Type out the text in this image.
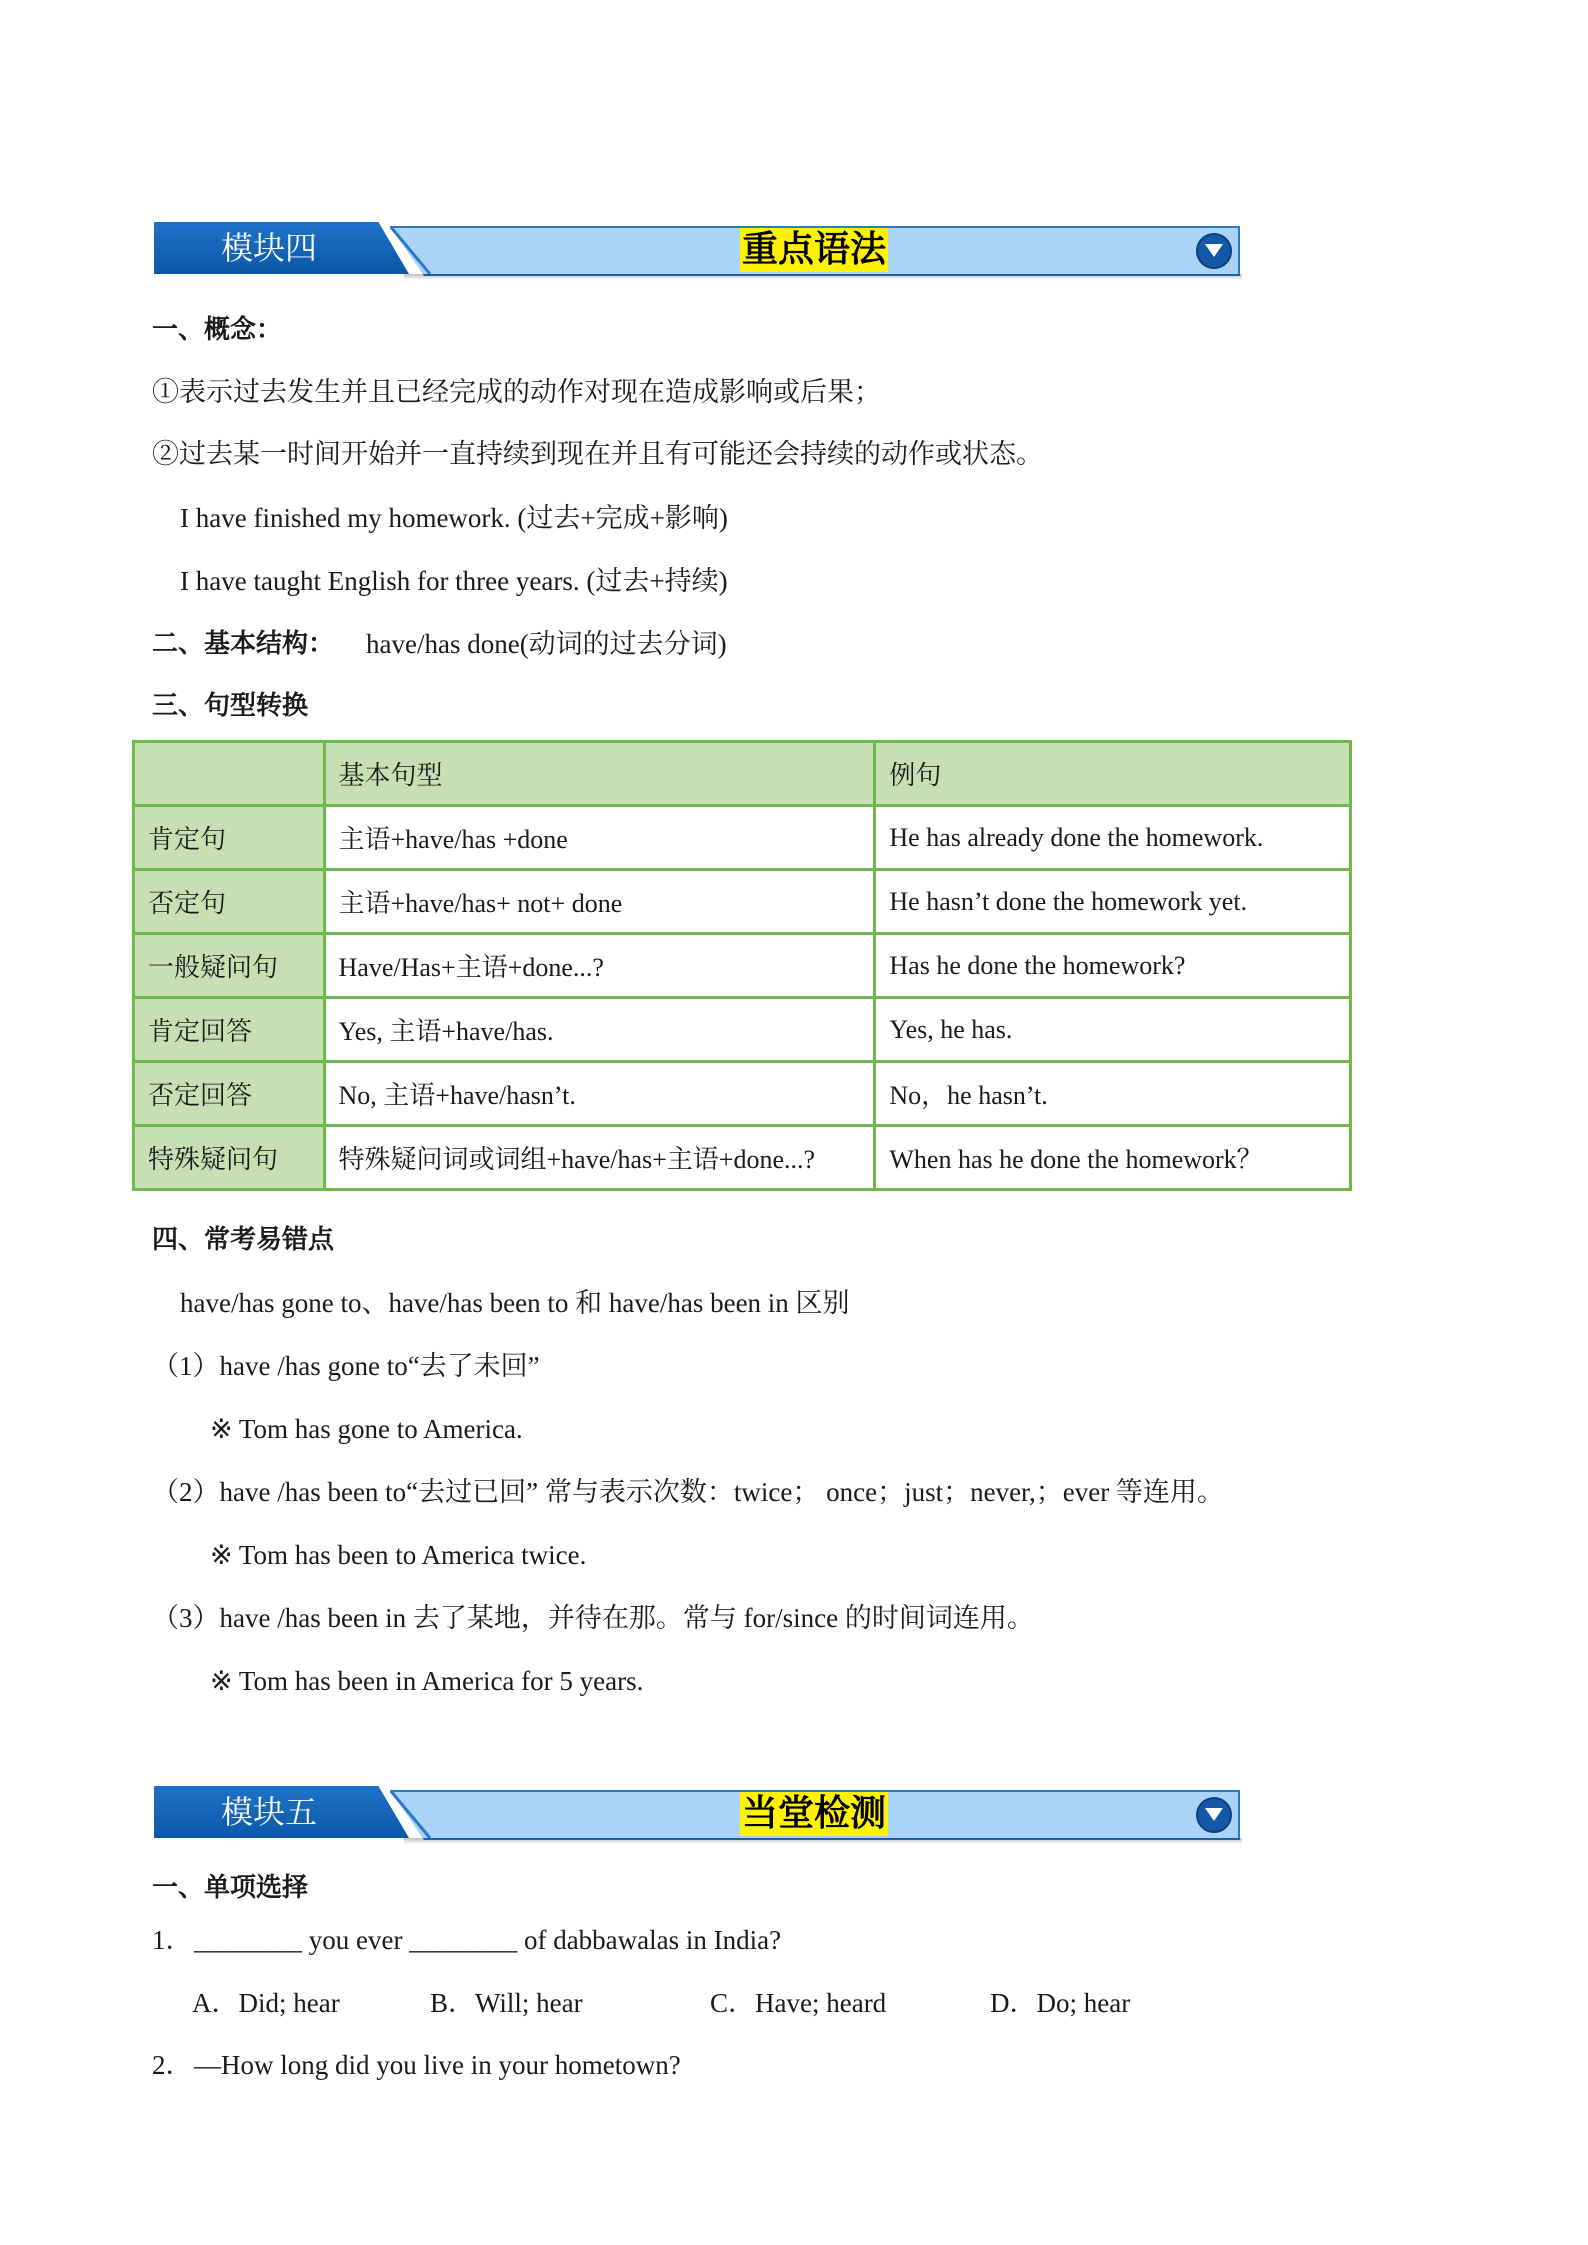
模块四	重点语法
一、概念：
①表示过去发生并且已经完成的动作对现在造成影响或后果；
②过去某一时间开始并一直持续到现在并且有可能还会持续的动作或状态。
I have finished my homework. (过去+完成+影响)
I have taught English for three years. (过去+持续)
二、基本结构： have/has done(动词的过去分词)
三、句型转换
	基本句型	例句
肯定句	主语+have/has +done	He has already done the homework.
否定句	主语+have/has+ not+ done	He hasn’t done the homework yet.
一般疑问句	Have/Has+主语+done...?	Has he done the homework?
肯定回答	Yes, 主语+have/has.	Yes, he has.
否定回答	No, 主语+have/hasn’t.	No，he hasn’t.
特殊疑问句	特殊疑问词或词组+have/has+主语+done...?	When has he done the homework？
四、常考易错点
have/has gone to、have/has been to 和 have/has been in 区别
（1）have /has gone to“去了未回”
※ Tom has gone to America.
（2）have /has been to“去过已回” 常与表示次数：twice； once；just；never,；ever 等连用。
※ Tom has been to America twice.
（3）have /has been in 去了某地，并待在那。常与 for/since 的时间词连用。
※ Tom has been in America for 5 years.
模块五	当堂检测
一、单项选择
1． ________ you ever ________ of dabbawalas in India?
A．Did; hear	B．Will; hear	C．Have; heard	D．Do; hear
2． —How long did you live in your hometown?
